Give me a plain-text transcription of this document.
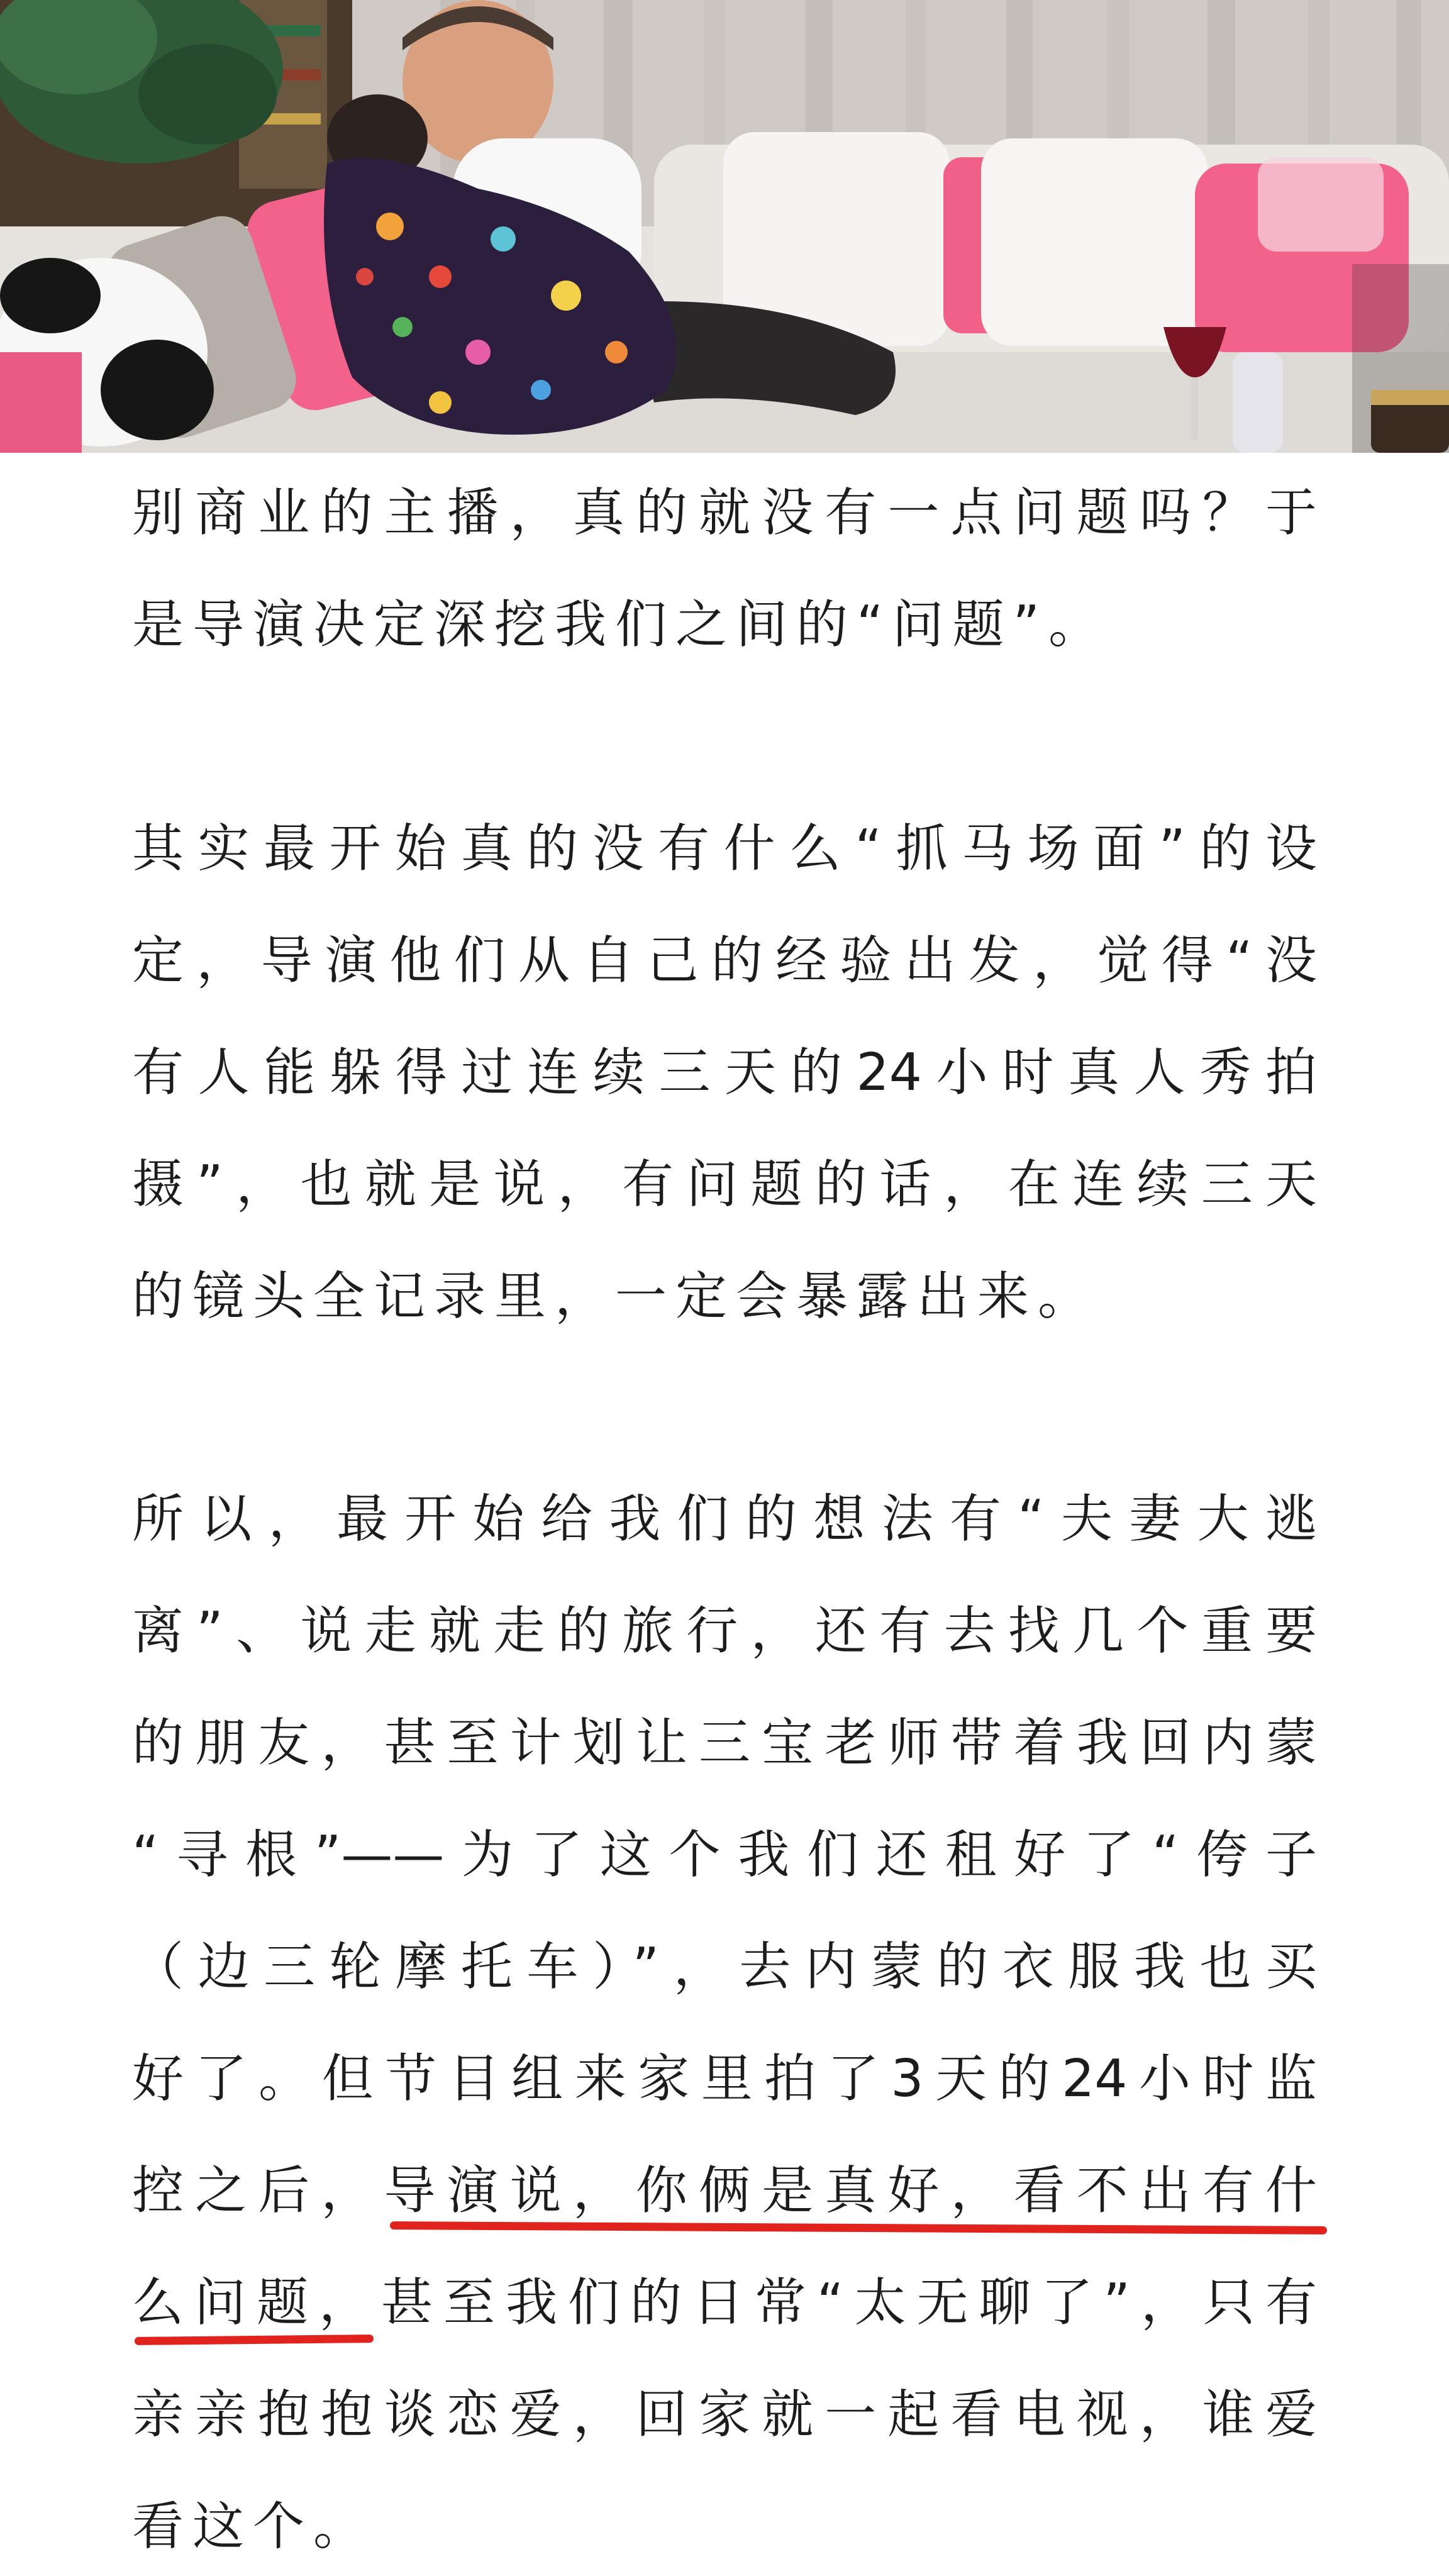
别商业的主播，真的就没有一点问题吗？于
是导演决定深挖我们之间的“问题”。
其实最开始真的没有什么“抓马场面”的设
定，导演他们从自己的经验出发，觉得“没
有人能躲得过连续三天的24小时真人秀拍
摄”，也就是说，有问题的话，在连续三天
的镜头全记录里，一定会暴露出来。
所以，最开始给我们的想法有“夫妻大逃
离”、说走就走的旅行，还有去找几个重要
的朋友，甚至计划让三宝老师带着我回内蒙
“寻根”——为了这个我们还租好了“侉子
（边三轮摩托车）”，去内蒙的衣服我也买
好了。但节目组来家里拍了3天的24小时监
控之后，导演说，你俩是真好，看不出有什
么问题，甚至我们的日常“太无聊了”，只有
亲亲抱抱谈恋爱，回家就一起看电视，谁爱
看这个。
